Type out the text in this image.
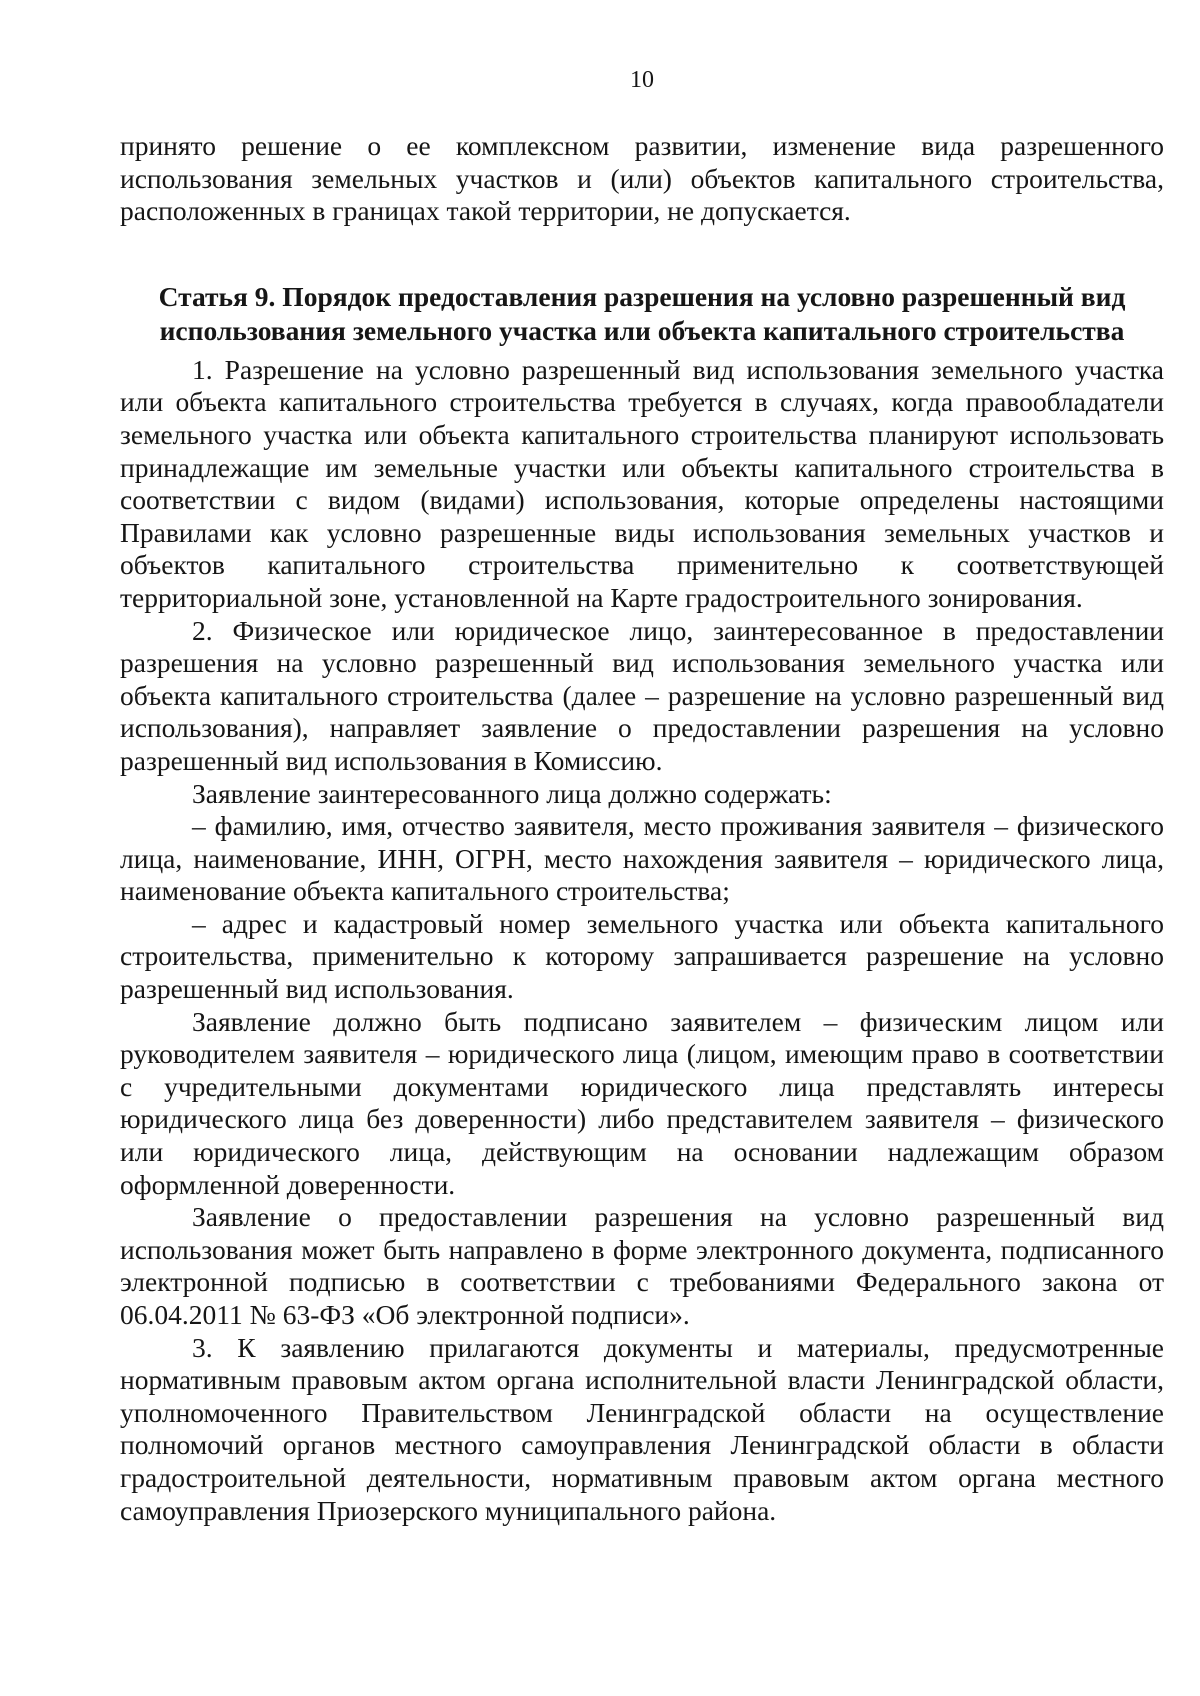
10

принято решение о ее комплексном развитии, изменение вида разрешенного использования земельных участков и (или) объектов капитального строительства, расположенных в границах такой территории, не допускается.

Статья 9. Порядок предоставления разрешения на условно разрешенный вид использования земельного участка или объекта капитального строительства

1. Разрешение на условно разрешенный вид использования земельного участка или объекта капитального строительства требуется в случаях, когда правообладатели земельного участка или объекта капитального строительства планируют использовать принадлежащие им земельные участки или объекты капитального строительства в соответствии с видом (видами) использования, которые определены настоящими Правилами как условно разрешенные виды использования земельных участков и объектов капитального строительства применительно к соответствующей территориальной зоне, установленной на Карте градостроительного зонирования.

2. Физическое или юридическое лицо, заинтересованное в предоставлении разрешения на условно разрешенный вид использования земельного участка или объекта капитального строительства (далее – разрешение на условно разрешенный вид использования), направляет заявление о предоставлении разрешения на условно разрешенный вид использования в Комиссию.

Заявление заинтересованного лица должно содержать:

– фамилию, имя, отчество заявителя, место проживания заявителя – физического лица, наименование, ИНН, ОГРН, место нахождения заявителя – юридического лица, наименование объекта капитального строительства;

– адрес и кадастровый номер земельного участка или объекта капитального строительства, применительно к которому запрашивается разрешение на условно разрешенный вид использования.

Заявление должно быть подписано заявителем – физическим лицом или руководителем заявителя – юридического лица (лицом, имеющим право в соответствии с учредительными документами юридического лица представлять интересы юридического лица без доверенности) либо представителем заявителя – физического или юридического лица, действующим на основании надлежащим образом оформленной доверенности.

Заявление о предоставлении разрешения на условно разрешенный вид использования может быть направлено в форме электронного документа, подписанного электронной подписью в соответствии с требованиями Федерального закона от 06.04.2011 № 63-ФЗ «Об электронной подписи».

3. К заявлению прилагаются документы и материалы, предусмотренные нормативным правовым актом органа исполнительной власти Ленинградской области, уполномоченного Правительством Ленинградской области на осуществление полномочий органов местного самоуправления Ленинградской области в области градостроительной деятельности, нормативным правовым актом органа местного самоуправления Приозерского муниципального района.
